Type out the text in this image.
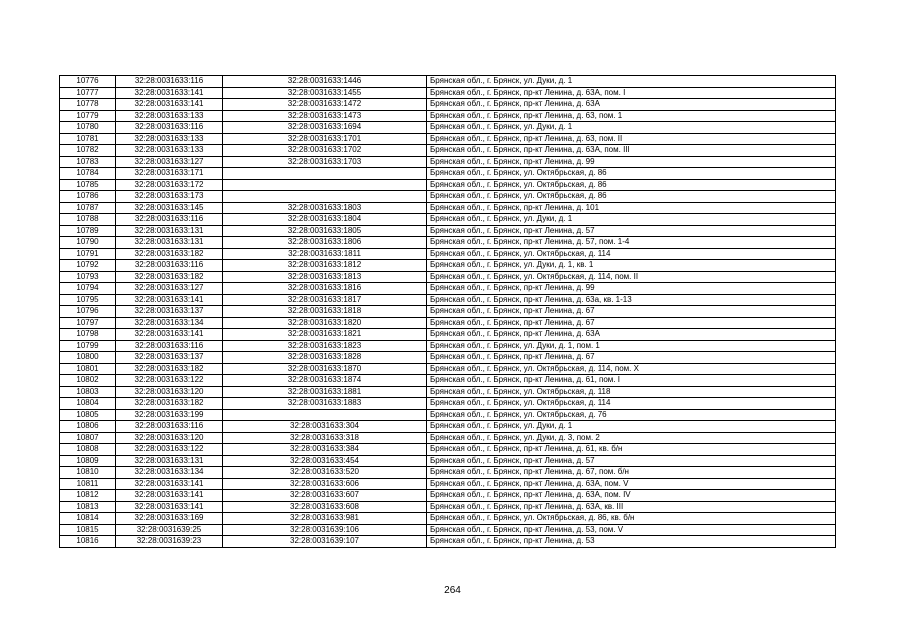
10776	32:28:0031633:116	32:28:0031633:1446	Брянская обл., г. Брянск, ул. Дуки, д. 1
10777	32:28:0031633:141	32:28:0031633:1455	Брянская обл., г. Брянск, пр-кт Ленина, д. 63А, пом. I
10778	32:28:0031633:141	32:28:0031633:1472	Брянская обл., г. Брянск, пр-кт Ленина, д. 63А
10779	32:28:0031633:133	32:28:0031633:1473	Брянская обл., г. Брянск, пр-кт Ленина, д. 63, пом. 1
10780	32:28:0031633:116	32:28:0031633:1694	Брянская обл., г. Брянск, ул. Дуки, д. 1
10781	32:28:0031633:133	32:28:0031633:1701	Брянская обл., г. Брянск, пр-кт Ленина, д. 63, пом. II
10782	32:28:0031633:133	32:28:0031633:1702	Брянская обл., г. Брянск, пр-кт Ленина, д. 63А, пом. III
10783	32:28:0031633:127	32:28:0031633:1703	Брянская обл., г. Брянск, пр-кт Ленина, д. 99
10784	32:28:0031633:171		Брянская обл., г. Брянск, ул. Октябрьская, д. 86
10785	32:28:0031633:172		Брянская обл., г. Брянск, ул. Октябрьская, д. 86
10786	32:28:0031633:173		Брянская обл., г. Брянск, ул. Октябрьская, д. 86
10787	32:28:0031633:145	32:28:0031633:1803	Брянская обл., г. Брянск, пр-кт Ленина, д. 101
10788	32:28:0031633:116	32:28:0031633:1804	Брянская обл., г. Брянск, ул. Дуки, д. 1
10789	32:28:0031633:131	32:28:0031633:1805	Брянская обл., г. Брянск, пр-кт Ленина, д. 57
10790	32:28:0031633:131	32:28:0031633:1806	Брянская обл., г. Брянск, пр-кт Ленина, д. 57, пом. 1-4
10791	32:28:0031633:182	32:28:0031633:1811	Брянская обл., г. Брянск, ул. Октябрьская, д. 114
10792	32:28:0031633:116	32:28:0031633:1812	Брянская обл., г. Брянск, ул. Дуки, д. 1, кв. 1
10793	32:28:0031633:182	32:28:0031633:1813	Брянская обл., г. Брянск, ул. Октябрьская, д. 114, пом. II
10794	32:28:0031633:127	32:28:0031633:1816	Брянская обл., г. Брянск, пр-кт Ленина, д. 99
10795	32:28:0031633:141	32:28:0031633:1817	Брянская обл., г. Брянск, пр-кт Ленина, д. 63а, кв. 1-13
10796	32:28:0031633:137	32:28:0031633:1818	Брянская обл., г. Брянск, пр-кт Ленина, д. 67
10797	32:28:0031633:134	32:28:0031633:1820	Брянская обл., г. Брянск, пр-кт Ленина, д. 67
10798	32:28:0031633:141	32:28:0031633:1821	Брянская обл., г. Брянск, пр-кт Ленина, д. 63А
10799	32:28:0031633:116	32:28:0031633:1823	Брянская обл., г. Брянск, ул. Дуки, д. 1, пом. 1
10800	32:28:0031633:137	32:28:0031633:1828	Брянская обл., г. Брянск, пр-кт Ленина, д. 67
10801	32:28:0031633:182	32:28:0031633:1870	Брянская обл., г. Брянск, ул. Октябрьская, д. 114, пом. X
10802	32:28:0031633:122	32:28:0031633:1874	Брянская обл., г. Брянск, пр-кт Ленина, д. 61, пом. I
10803	32:28:0031633:120	32:28:0031633:1881	Брянская обл., г. Брянск, ул. Октябрьская, д. 118
10804	32:28:0031633:182	32:28:0031633:1883	Брянская обл., г. Брянск, ул. Октябрьская, д. 114
10805	32:28:0031633:199		Брянская обл., г. Брянск, ул. Октябрьская, д. 76
10806	32:28:0031633:116	32:28:0031633:304	Брянская обл., г. Брянск, ул. Дуки, д. 1
10807	32:28:0031633:120	32:28:0031633:318	Брянская обл., г. Брянск, ул. Дуки, д. 3, пом. 2
10808	32:28:0031633:122	32:28:0031633:384	Брянская обл., г. Брянск, пр-кт Ленина, д. 61, кв. б/н
10809	32:28:0031633:131	32:28:0031633:454	Брянская обл., г. Брянск, пр-кт Ленина, д. 57
10810	32:28:0031633:134	32:28:0031633:520	Брянская обл., г. Брянск, пр-кт Ленина, д. 67, пом. б/н
10811	32:28:0031633:141	32:28:0031633:606	Брянская обл., г. Брянск, пр-кт Ленина, д. 63А, пом. V
10812	32:28:0031633:141	32:28:0031633:607	Брянская обл., г. Брянск, пр-кт Ленина, д. 63А, пом. IV
10813	32:28:0031633:141	32:28:0031633:608	Брянская обл., г. Брянск, пр-кт Ленина, д. 63А, кв. III
10814	32:28:0031633:169	32:28:0031633:981	Брянская обл., г. Брянск, ул. Октябрьская, д. 86, кв. б/н
10815	32:28:0031639:25	32:28:0031639:106	Брянская обл., г. Брянск, пр-кт Ленина, д. 53, пом. V
10816	32:28:0031639:23	32:28:0031639:107	Брянская обл., г. Брянск, пр-кт Ленина, д. 53
264
